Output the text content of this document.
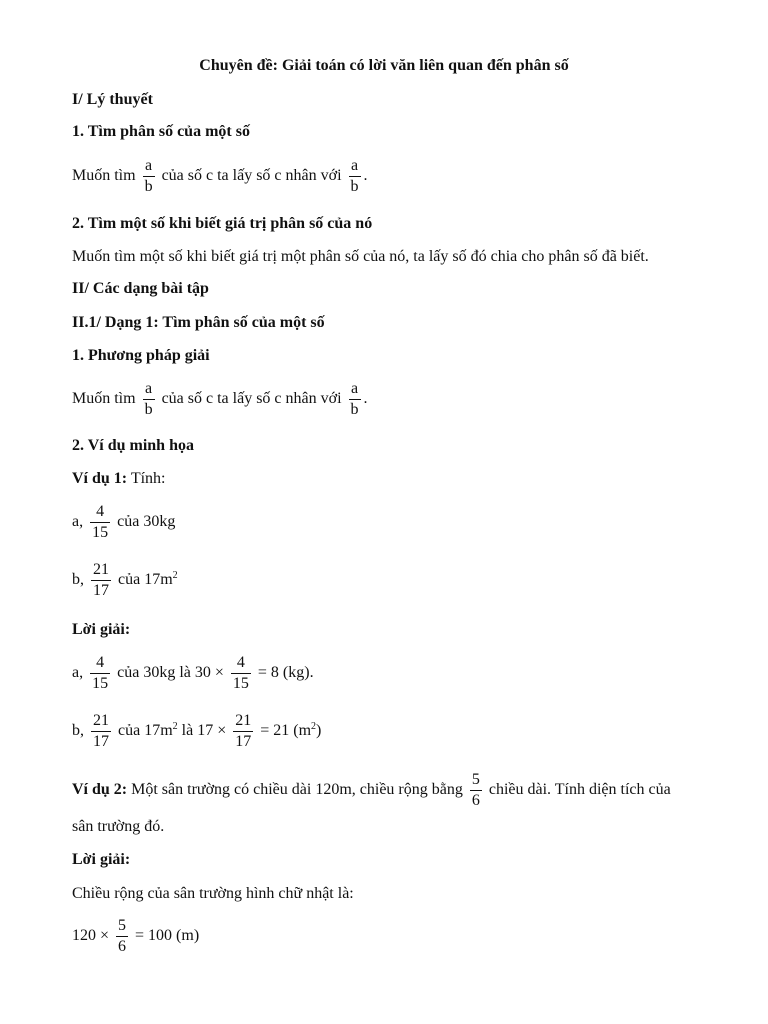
Chuyên đề: Giải toán có lời văn liên quan đến phân số
I/ Lý thuyết
1. Tìm phân số của một số
Muốn tìm $\frac{a}{b}$ của số c ta lấy số c nhân với $\frac{a}{b}$ .
2. Tìm một số khi biết giá trị phân số của nó
Muốn tìm một số khi biết giá trị một phân số của nó, ta lấy số đó chia cho phân số đã biết.
II/ Các dạng bài tập
II.1/ Dạng 1: Tìm phân số của một số
1. Phương pháp giải
Muốn tìm $\frac{a}{b}$ của số c ta lấy số c nhân với $\frac{a}{b}$ .
2. Ví dụ minh họa
Ví dụ 1: Tính:
a, $\frac{4}{15}$ của 30kg
b, $\frac{21}{17}$ của $17m^2$
Lời giải:
a, $\frac{4}{15}$ của 30kg là $30 \times \frac{4}{15} = 8$ (kg).
b, $\frac{21}{17}$ của $17m^2$ là $17 \times \frac{21}{17} = 21$ $(m^2)$
Ví dụ 2: Một sân trường có chiều dài 120m, chiều rộng bằng $\frac{5}{6}$ chiều dài. Tính diện tích của
sân trường đó.
Lời giải:
Chiều rộng của sân trường hình chữ nhật là:
$120 \times \frac{5}{6} = 100$ (m)
